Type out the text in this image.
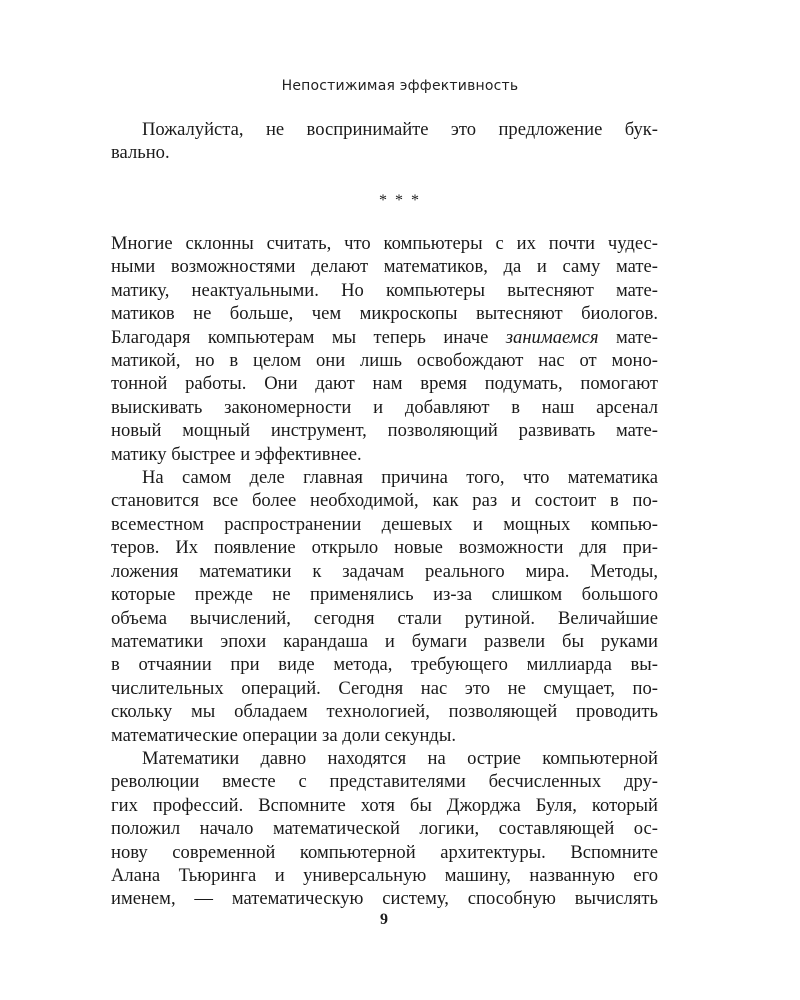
Непостижимая эффективность
Пожалуйста, не воспринимайте это предложение бук-
вально.
* * *
Многие склонны считать, что компьютеры с их почти чудес-
ными возможностями делают математиков, да и саму мате-
матику, неактуальными. Но компьютеры вытесняют мате-
матиков не больше, чем микроскопы вытесняют биологов.
Благодаря компьютерам мы теперь иначе занимаемся мате-
матикой, но в целом они лишь освобождают нас от моно-
тонной работы. Они дают нам время подумать, помогают
выискивать закономерности и добавляют в наш арсенал
новый мощный инструмент, позволяющий развивать мате-
матику быстрее и эффективнее.
На самом деле главная причина того, что математика
становится все более необходимой, как раз и состоит в по-
всеместном распространении дешевых и мощных компью-
теров. Их появление открыло новые возможности для при-
ложения математики к задачам реального мира. Методы,
которые прежде не применялись из-за слишком большого
объема вычислений, сегодня стали рутиной. Величайшие
математики эпохи карандаша и бумаги развели бы руками
в отчаянии при виде метода, требующего миллиарда вы-
числительных операций. Сегодня нас это не смущает, по-
скольку мы обладаем технологией, позволяющей проводить
математические операции за доли секунды.
Математики давно находятся на острие компьютерной
революции вместе с представителями бесчисленных дру-
гих профессий. Вспомните хотя бы Джорджа Буля, который
положил начало математической логики, составляющей ос-
нову современной компьютерной архитектуры. Вспомните
Алана Тьюринга и универсальную машину, названную его
именем, — математическую систему, способную вычислять
9
